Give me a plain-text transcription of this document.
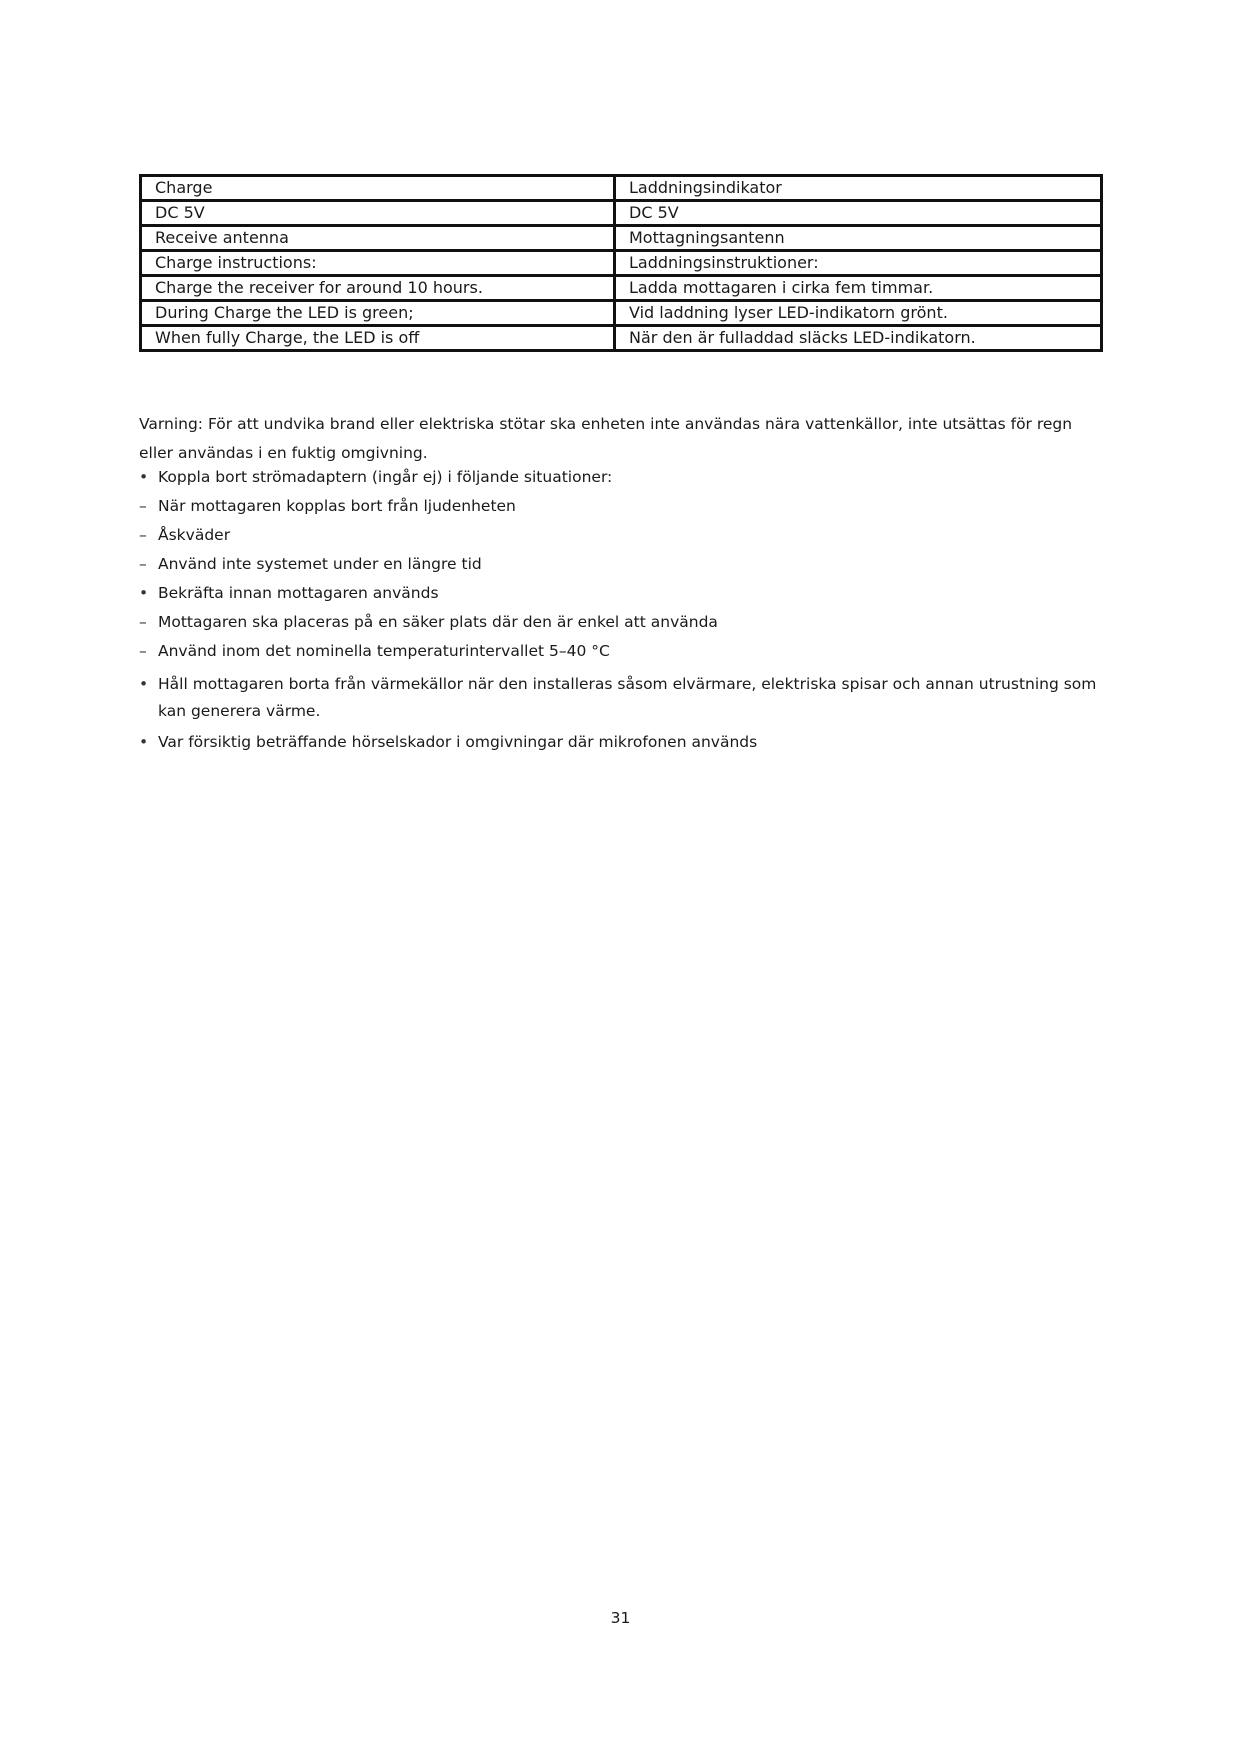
Charge	Laddningsindikator
DC 5V	DC 5V
Receive antenna	Mottagningsantenn
Charge instructions:	Laddningsinstruktioner:
Charge the receiver for around 10 hours.	Ladda mottagaren i cirka fem timmar.
During Charge the LED is green;	Vid laddning lyser LED-indikatorn grönt.
When fully Charge, the LED is off	När den är fulladdad släcks LED-indikatorn.

Varning: För att undvika brand eller elektriska stötar ska enheten inte användas nära vattenkällor, inte utsättas för regn eller användas i en fuktig omgivning.

• Koppla bort strömadaptern (ingår ej) i följande situationer:
– När mottagaren kopplas bort från ljudenheten
– Åskväder
– Använd inte systemet under en längre tid
• Bekräfta innan mottagaren används
– Mottagaren ska placeras på en säker plats där den är enkel att använda
– Använd inom det nominella temperaturintervallet 5–40 °C
• Håll mottagaren borta från värmekällor när den installeras såsom elvärmare, elektriska spisar och annan utrustning som kan generera värme.
• Var försiktig beträffande hörselskador i omgivningar där mikrofonen används
31
